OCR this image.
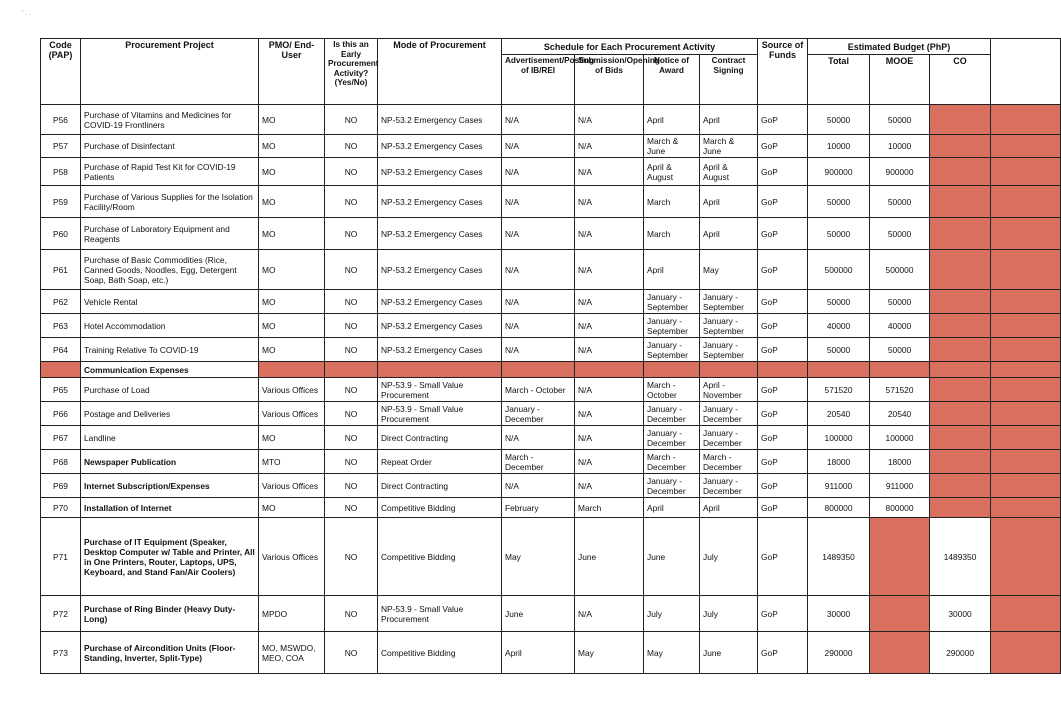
' . .
Code (PAP)	Procurement Project	PMO/ End-User	Is this an Early Procurement Activity? (Yes/No)	Mode of Procurement	Schedule for Each Procurement Activity				Source of Funds	Estimated Budget (PhP)			
					Advertisement/Posting of IB/REI	Submission/Opening of Bids	Notice of Award	Contract Signing		Total	MOOE	CO	
P56	Purchase of Vitamins and Medicines for COVID-19 Frontliners	MO	NO	NP-53.2 Emergency Cases	N/A	N/A	April	April	GoP	50000	50000		
P57	Purchase of Disinfectant	MO	NO	NP-53.2 Emergency Cases	N/A	N/A	March & June	March & June	GoP	10000	10000		
P58	Purchase of Rapid Test Kit for COVID-19 Patients	MO	NO	NP-53.2 Emergency Cases	N/A	N/A	April & August	April & August	GoP	900000	900000		
P59	Purchase of Various Supplies for the Isolation Facility/Room	MO	NO	NP-53.2 Emergency Cases	N/A	N/A	March	April	GoP	50000	50000		
P60	Purchase of Laboratory Equipment and Reagents	MO	NO	NP-53.2 Emergency Cases	N/A	N/A	March	April	GoP	50000	50000		
P61	Purchase of Basic Commodities (Rice, Canned Goods, Noodles, Egg, Detergent Soap, Bath Soap, etc.)	MO	NO	NP-53.2 Emergency Cases	N/A	N/A	April	May	GoP	500000	500000		
P62	Vehicle Rental	MO	NO	NP-53.2 Emergency Cases	N/A	N/A	January - September	January - September	GoP	50000	50000		
P63	Hotel Accommodation	MO	NO	NP-53.2 Emergency Cases	N/A	N/A	January - September	January - September	GoP	40000	40000		
P64	Training Relative To COVID-19	MO	NO	NP-53.2 Emergency Cases	N/A	N/A	January - September	January - September	GoP	50000	50000		
	Communication Expenses												
P65	Purchase of Load	Various Offices	NO	NP-53.9 - Small Value Procurement	March - October	N/A	March - October	April - November	GoP	571520	571520		
P66	Postage and Deliveries	Various Offices	NO	NP-53.9 - Small Value Procurement	January - December	N/A	January - December	January - December	GoP	20540	20540		
P67	Landline	MO	NO	Direct Contracting	N/A	N/A	January - December	January - December	GoP	100000	100000		
P68	Newspaper Publication	MTO	NO	Repeat Order	March - December	N/A	March - December	March - December	GoP	18000	18000		
P69	Internet Subscription/Expenses	Various Offices	NO	Direct Contracting	N/A	N/A	January - December	January - December	GoP	911000	911000		
P70	Installation of Internet	MO	NO	Competitive Bidding	February	March	April	April	GoP	800000	800000		
P71	Purchase of IT Equipment (Speaker, Desktop Computer w/ Table and Printer, All in One Printers, Router, Laptops, UPS, Keyboard, and Stand Fan/Air Coolers)	Various Offices	NO	Competitive Bidding	May	June	June	July	GoP	1489350		1489350	
P72	Purchase of Ring Binder (Heavy Duty-Long)	MPDO	NO	NP-53.9 - Small Value Procurement	June	N/A	July	July	GoP	30000		30000	
P73	Purchase of Aircondition Units (Floor-Standing, Inverter, Split-Type)	MO, MSWDO, MEO, COA	NO	Competitive Bidding	April	May	May	June	GoP	290000		290000	
